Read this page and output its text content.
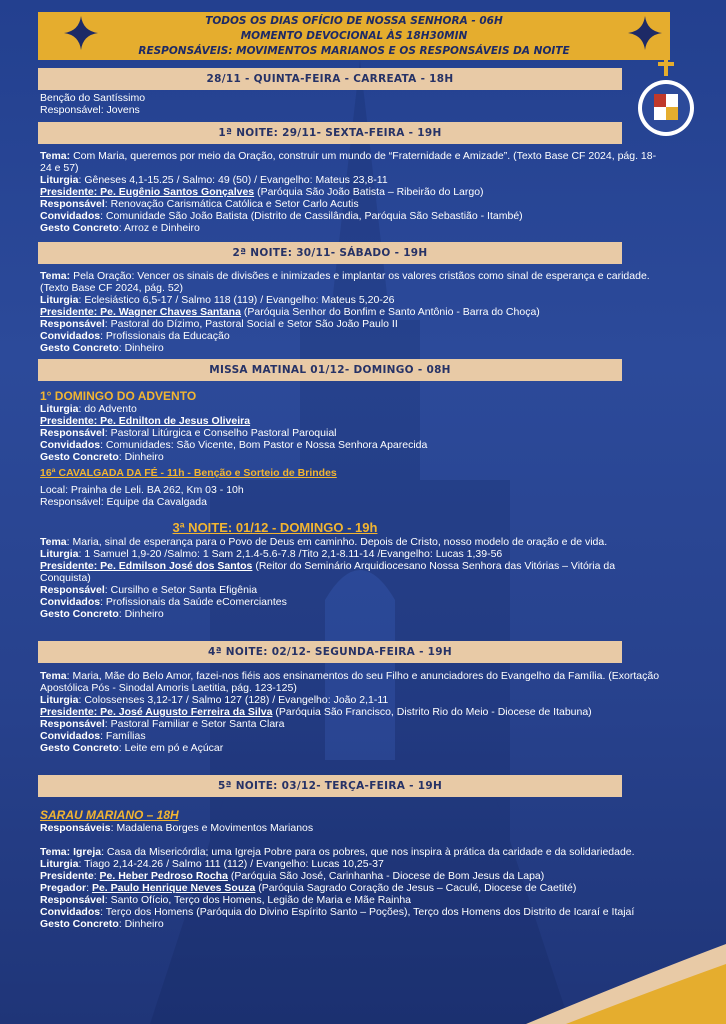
TODOS OS DIAS OFÍCIO DE NOSSA SENHORA - 06H
MOMENTO DEVOCIONAL ÀS 18H30MIN
RESPONSÁVEIS: MOVIMENTOS MARIANOS E OS RESPONSÁVEIS DA NOITE
28/11 - QUINTA-FEIRA - CARREATA - 18H
Benção do Santíssimo
Responsável: Jovens
1ª NOITE: 29/11- SEXTA-FEIRA - 19H
Tema: Com Maria, queremos por meio da Oração, construir um mundo de “Fraternidade e Amizade”. (Texto Base CF 2024, pág. 18-24 e 57)
Liturgia: Gêneses 4,1-15.25 / Salmo: 49 (50) / Evangelho: Mateus 23,8-11
Presidente: Pe. Eugênio Santos Gonçalves (Paróquia São João Batista – Ribeirão do Largo)
Responsável: Renovação Carismática Católica e Setor Carlo Acutis
Convidados: Comunidade São João Batista (Distrito de Cassilândia, Paróquia São Sebastião - Itambé)
Gesto Concreto: Arroz e Dinheiro
2ª NOITE: 30/11- SÁBADO - 19H
Tema: Pela Oração: Vencer os sinais de divisões e inimizades e implantar os valores cristãos como sinal de esperança e caridade. (Texto Base CF 2024, pág. 52)
Liturgia: Eclesiástico 6,5-17 / Salmo 118 (119) / Evangelho: Mateus 5,20-26
Presidente: Pe. Wagner Chaves Santana (Paróquia Senhor do Bonfim e Santo Antônio - Barra do Choça)
Responsável: Pastoral do Dízimo, Pastoral Social e Setor São João Paulo II
Convidados: Profissionais da Educação
Gesto Concreto: Dinheiro
MISSA MATINAL 01/12- DOMINGO - 08H
1° DOMINGO DO ADVENTO
Liturgia: do Advento
Presidente: Pe. Ednilton de Jesus Oliveira
Responsável: Pastoral Litúrgica e Conselho Pastoral Paroquial
Convidados: Comunidades: São Vicente, Bom Pastor e Nossa Senhora Aparecida
Gesto Concreto: Dinheiro
16ª CAVALGADA DA FÉ - 11h - Benção e Sorteio de Brindes
Local: Prainha de Leli. BA 262, Km 03 - 10h
Responsável: Equipe da Cavalgada
3ª NOITE: 01/12 - DOMINGO - 19h
Tema: Maria, sinal de esperança para o Povo de Deus em caminho. Depois de Cristo, nosso modelo de oração e de vida.
Liturgia: 1 Samuel 1,9-20 /Salmo: 1 Sam 2,1.4-5.6-7.8 /Tito 2,1-8.11-14 /Evangelho: Lucas 1,39-56
Presidente: Pe. Edmilson José dos Santos (Reitor do Seminário Arquidiocesano Nossa Senhora das Vitórias – Vitória da Conquista)
Responsável: Cursilho e Setor Santa Efigênia
Convidados: Profissionais da Saúde eComerciantes
Gesto Concreto: Dinheiro
4ª NOITE: 02/12- SEGUNDA-FEIRA - 19H
Tema: Maria, Mãe do Belo Amor, fazei-nos fiéis aos ensinamentos do seu Filho e anunciadores do Evangelho da Família. (Exortação Apostólica Pós - Sinodal Amoris Laetitia, pág. 123-125)
Liturgia: Colossenses 3,12-17 / Salmo 127 (128) / Evangelho: João 2,1-11
Presidente: Pe. José Augusto Ferreira da Silva (Paróquia São Francisco, Distrito Rio do Meio - Diocese de Itabuna)
Responsável: Pastoral Familiar e Setor Santa Clara
Convidados: Famílias
Gesto Concreto: Leite em pó e Açúcar
5ª NOITE: 03/12- TERÇA-FEIRA - 19H
SARAU MARIANO – 18H
Responsáveis: Madalena Borges e Movimentos Marianos
Tema: Igreja: Casa da Misericórdia; uma Igreja Pobre para os pobres, que nos inspira à prática da caridade e da solidariedade.
Liturgia: Tiago 2,14-24.26 / Salmo 111 (112) / Evangelho: Lucas 10,25-37
Presidente: Pe. Heber Pedroso Rocha (Paróquia São José, Carinhanha - Diocese de Bom Jesus da Lapa)
Pregador: Pe. Paulo Henrique Neves Souza (Paróquia Sagrado Coração de Jesus – Caculé, Diocese de Caetité)
Responsável: Santo Ofício, Terço dos Homens, Legião de Maria e Mãe Rainha
Convidados: Terço dos Homens (Paróquia do Divino Espírito Santo – Poções), Terço dos Homens dos Distrito de Icaraí e Itajaí
Gesto Concreto: Dinheiro
